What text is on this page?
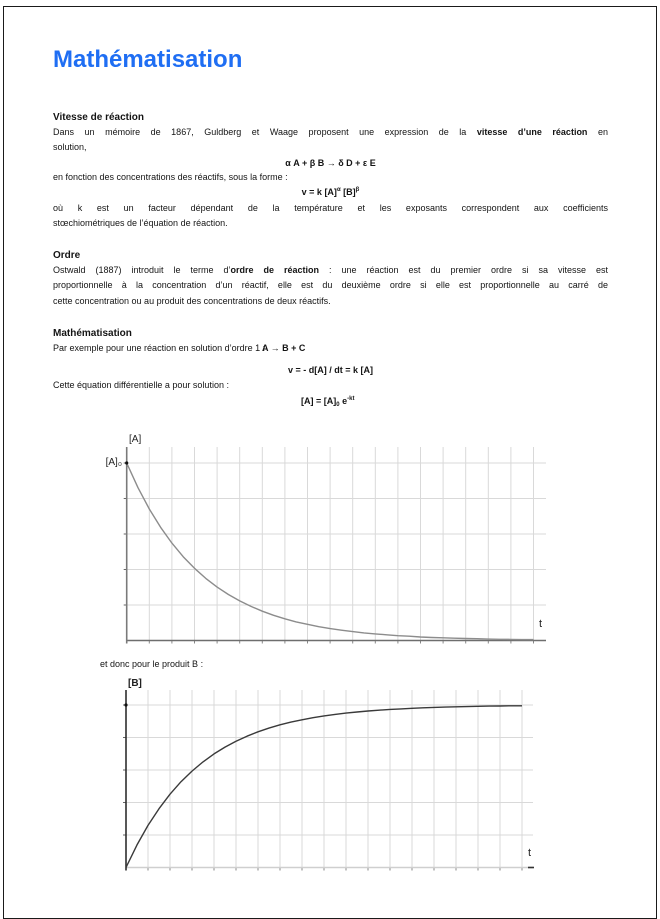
Mathématisation
Vitesse de réaction
Dans un mémoire de 1867, Guldberg et Waage proposent une expression de la vitesse d’une réaction en
solution,
α A + β B → δ D + ε E
en fonction des concentrations des réactifs, sous la forme :
v = k $[A]^\alpha$ $[B]^\beta$
où k est un facteur dépendant de la température et les exposants correspondent aux coefficients
stœchiométriques de l’équation de réaction.
Ordre
Ostwald (1887) introduit le terme d’ordre de réaction : une réaction est du premier ordre si sa vitesse est
proportionnelle à la concentration d’un réactif, elle est du deuxième ordre si elle est proportionnelle au carré de
cette concentration ou au produit des concentrations de deux réactifs.
Mathématisation
Par exemple pour une réaction en solution d’ordre 1 :
A → B + C
v = - d[A] / dt = k [A]
Cette équation différentielle a pour solution :
$[A] = [A]_0$ $e^{-kt}$
[A]
[A]₀
t
et donc pour le produit B :
[B]
t
